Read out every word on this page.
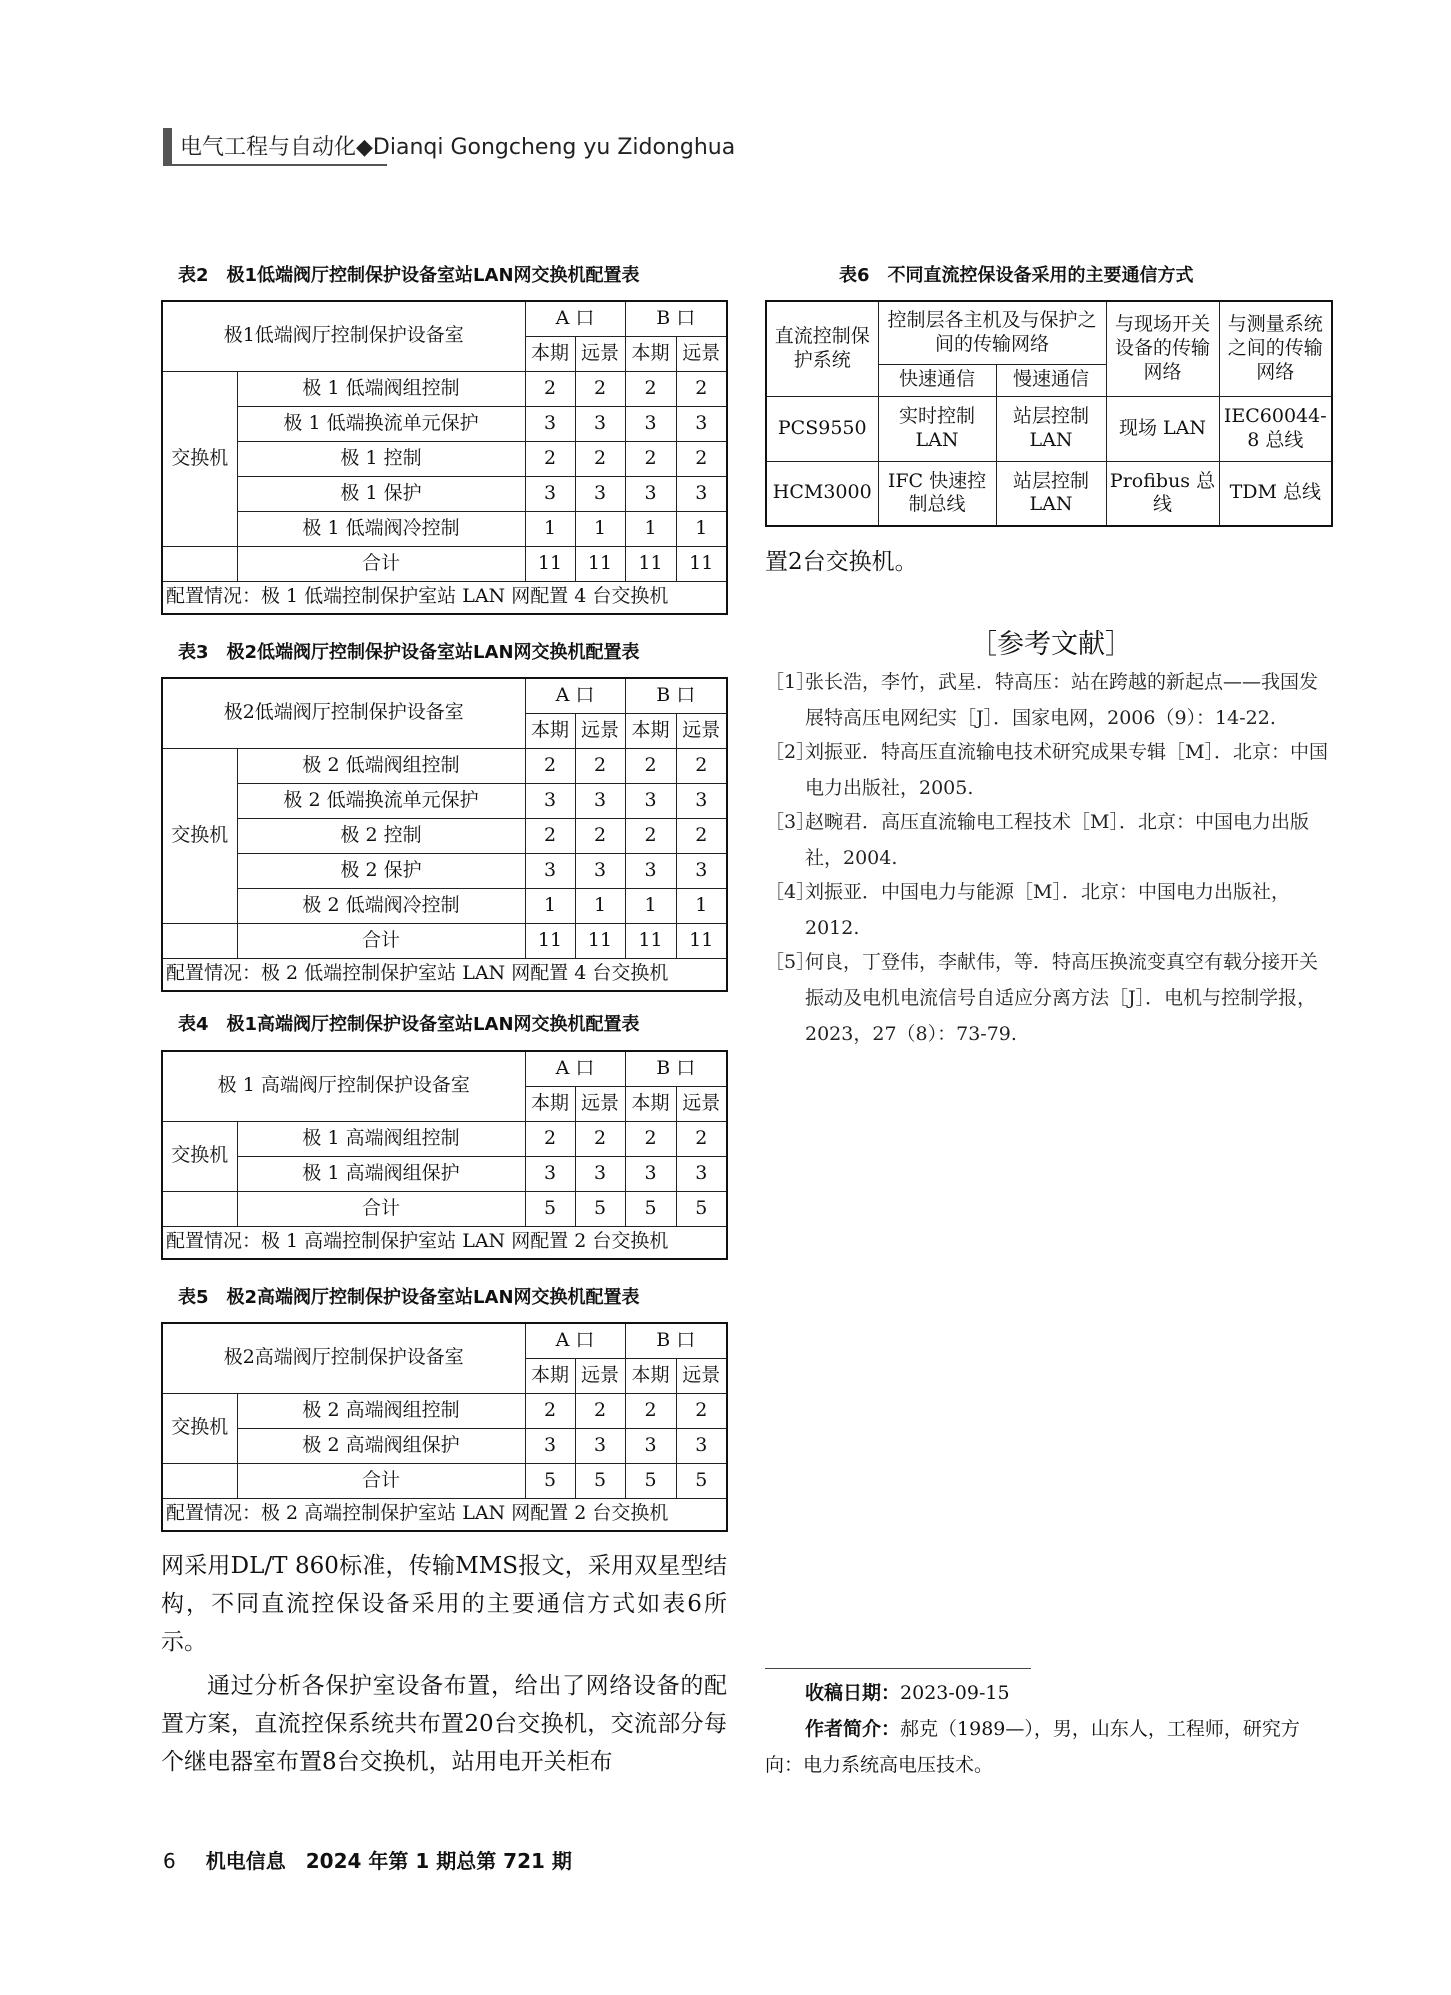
电气工程与自动化◆Dianqi Gongcheng yu Zidonghua
表2　极1低端阀厅控制保护设备室站LAN网交换机配置表
极1低端阀厅控制保护设备室		A 口		B 口	
		本期	远景	本期	远景
交换机	极 1 低端阀组控制	2	2	2	2
	极 1 低端换流单元保护	3	3	3	3
	极 1 控制	2	2	2	2
	极 1 保护	3	3	3	3
	极 1 低端阀冷控制	1	1	1	1
	合计	11	11	11	11
配置情况：极 1 低端控制保护室站 LAN 网配置 4 台交换机					
表3　极2低端阀厅控制保护设备室站LAN网交换机配置表
极2低端阀厅控制保护设备室		A 口		B 口	
		本期	远景	本期	远景
交换机	极 2 低端阀组控制	2	2	2	2
	极 2 低端换流单元保护	3	3	3	3
	极 2 控制	2	2	2	2
	极 2 保护	3	3	3	3
	极 2 低端阀冷控制	1	1	1	1
	合计	11	11	11	11
配置情况：极 2 低端控制保护室站 LAN 网配置 4 台交换机					
表4　极1高端阀厅控制保护设备室站LAN网交换机配置表
极 1 高端阀厅控制保护设备室		A 口		B 口	
		本期	远景	本期	远景
交换机	极 1 高端阀组控制	2	2	2	2
	极 1 高端阀组保护	3	3	3	3
	合计	5	5	5	5
配置情况：极 1 高端控制保护室站 LAN 网配置 2 台交换机					
表5　极2高端阀厅控制保护设备室站LAN网交换机配置表
极2高端阀厅控制保护设备室		A 口		B 口	
		本期	远景	本期	远景
交换机	极 2 高端阀组控制	2	2	2	2
	极 2 高端阀组保护	3	3	3	3
	合计	5	5	5	5
配置情况：极 2 高端控制保护室站 LAN 网配置 2 台交换机					
网采用DL/T 860标准，传输MMS报文，采用双星型结构，不同直流控保设备采用的主要通信方式如表6所示。
通过分析各保护室设备布置，给出了网络设备的配置方案，直流控保系统共布置20台交换机，交流部分每个继电器室布置8台交换机，站用电开关柜布
表6　不同直流控保设备采用的主要通信方式
直流控制保护系统	控制层各主机及与保护之间的传输网络		与现场开关设备的传输网络	与测量系统之间的传输网络
	快速通信	慢速通信		
PCS9550	实时控制 LAN	站层控制 LAN	现场 LAN	IEC60044-8 总线
HCM3000	IFC 快速控制总线	站层控制 LAN	Profibus 总线	TDM 总线
置2台交换机。
［参考文献］
［1］
张长浩，李竹，武星．特高压：站在跨越的新起点——我国发展特高压电网纪实［J］．国家电网，2006（9）：14-22.
［2］
刘振亚．特高压直流输电技术研究成果专辑［M］．北京：中国电力出版社，2005.
［3］
赵畹君．高压直流输电工程技术［M］．北京：中国电力出版社，2004.
［4］
刘振亚．中国电力与能源［M］．北京：中国电力出版社，2012.
［5］
何良，丁登伟，李献伟，等．特高压换流变真空有载分接开关振动及电机电流信号自适应分离方法［J］．电机与控制学报，2023，27（8）：73-79.
收稿日期：2023-09-15
作者简介：郝克（1989—），男，山东人，工程师，研究方向：电力系统高电压技术。
6 机电信息　2024 年第 1 期总第 721 期
